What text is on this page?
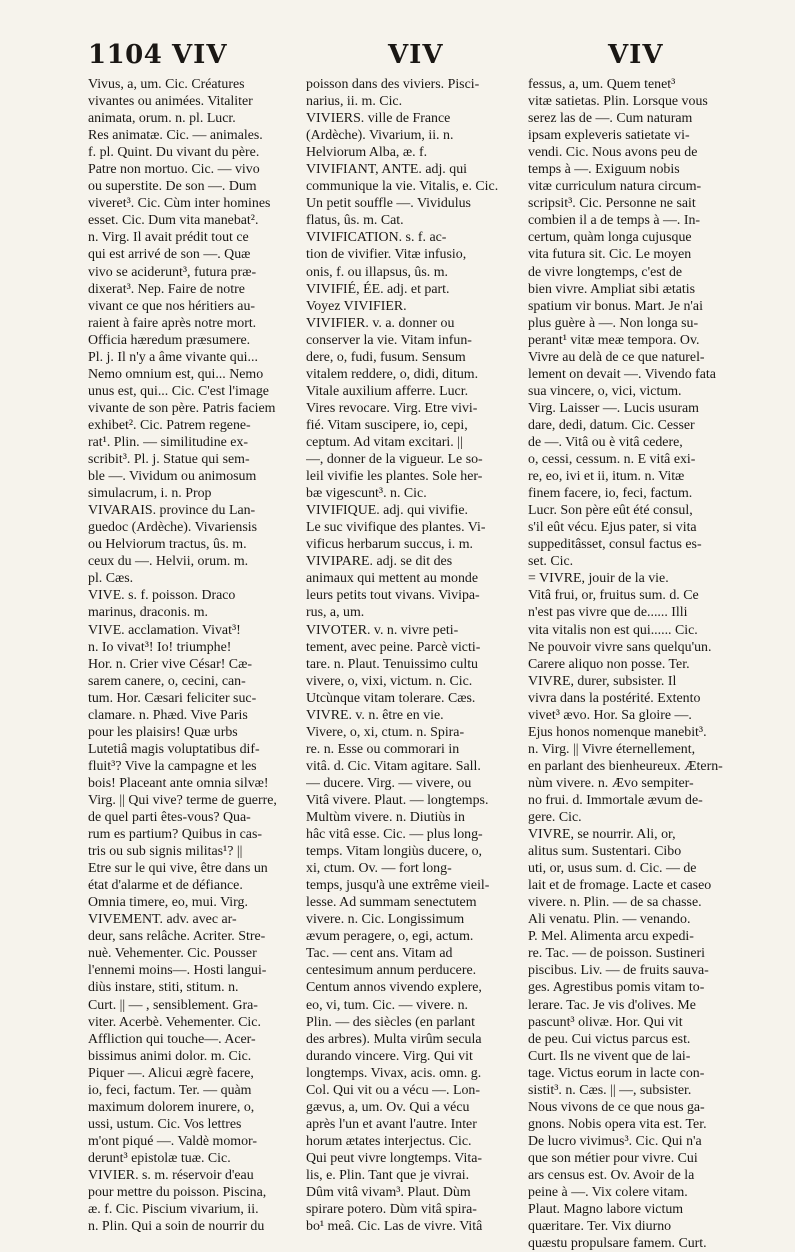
1104 VIV	VIV	VIV
Vivus, a, um. Cic. Créatures
vivantes ou animées. Vitaliter
animata, orum. n. pl. Lucr.
Res animatæ. Cic. — animales.
f. pl. Quint. Du vivant du père.
Patre non mortuo. Cic. — vivo
ou superstite. De son —. Dum
viveret³. Cic. Cùm inter homines
esset. Cic. Dum vita manebat².
n. Virg. Il avait prédit tout ce
qui est arrivé de son —. Quæ
vivo se aciderunt³, futura præ-
dixerat³. Nep. Faire de notre
vivant ce que nos héritiers au-
raient à faire après notre mort.
Officia hæredum præsumere.
Pl. j. Il n'y a âme vivante qui...
Nemo omnium est, qui... Nemo
unus est, qui... Cic. C'est l'image
vivante de son père. Patris faciem
exhibet². Cic. Patrem regene-
rat¹. Plin. — similitudine ex-
scribit³. Pl. j. Statue qui sem-
ble —. Vividum ou animosum
simulacrum, i. n. Prop
VIVARAIS. province du Lan-
guedoc (Ardèche). Vivariensis
ou Helviorum tractus, ûs. m.
ceux du —. Helvii, orum. m.
pl. Cæs.
VIVE. s. f. poisson. Draco
marinus, draconis. m.
VIVE. acclamation. Vivat³!
n. Io vivat³! Io! triumphe!
Hor. n. Crier vive César! Cæ-
sarem canere, o, cecini, can-
tum. Hor. Cæsari feliciter suc-
clamare. n. Phæd. Vive Paris
pour les plaisirs! Quæ urbs
Lutetiâ magis voluptatibus dif-
fluit³? Vive la campagne et les
bois! Placeant ante omnia silvæ!
Virg. || Qui vive? terme de guerre,
de quel parti êtes-vous? Qua-
rum es partium? Quibus in cas-
tris ou sub signis militas¹? ||
Etre sur le qui vive, être dans un
état d'alarme et de défiance.
Omnia timere, eo, mui. Virg.
VIVEMENT. adv. avec ar-
deur, sans relâche. Acriter. Stre-
nuè. Vehementer. Cic. Pousser
l'ennemi moins—. Hosti langui-
diùs instare, stiti, stitum. n.
Curt. || — , sensiblement. Gra-
viter. Acerbè. Vehementer. Cic.
Affliction qui touche—. Acer-
bissimus animi dolor. m. Cic.
Piquer —. Alicui ægrè facere,
io, feci, factum. Ter. — quàm
maximum dolorem inurere, o,
ussi, ustum. Cic. Vos lettres
m'ont piqué —. Valdè momor-
derunt³ epistolæ tuæ. Cic.
VIVIER. s. m. réservoir d'eau
pour mettre du poisson. Piscina,
æ. f. Cic. Piscium vivarium, ii.
n. Plin. Qui a soin de nourrir du
poisson dans des viviers. Pisci-
narius, ii. m. Cic.
VIVIERS. ville de France
(Ardèche). Vivarium, ii. n.
Helviorum Alba, æ. f.
VIVIFIANT, ANTE. adj. qui
communique la vie. Vitalis, e. Cic.
Un petit souffle —. Vividulus
flatus, ûs. m. Cat.
VIVIFICATION. s. f. ac-
tion de vivifier. Vitæ infusio,
onis, f. ou illapsus, ûs. m.
VIVIFIÉ, ÉE. adj. et part.
Voyez VIVIFIER.
VIVIFIER. v. a. donner ou
conserver la vie. Vitam infun-
dere, o, fudi, fusum. Sensum
vitalem reddere, o, didi, ditum.
Vitale auxilium afferre. Lucr.
Vires revocare. Virg. Etre vivi-
fié. Vitam suscipere, io, cepi,
ceptum. Ad vitam excitari. ||
—, donner de la vigueur. Le so-
leil vivifie les plantes. Sole her-
bæ vigescunt³. n. Cic.
VIVIFIQUE. adj. qui vivifie.
Le suc vivifique des plantes. Vi-
vificus herbarum succus, i. m.
VIVIPARE. adj. se dit des
animaux qui mettent au monde
leurs petits tout vivans. Vivipa-
rus, a, um.
VIVOTER. v. n. vivre peti-
tement, avec peine. Parcè victi-
tare. n. Plaut. Tenuissimo cultu
vivere, o, vixi, victum. n. Cic.
Utcùnque vitam tolerare. Cæs.
VIVRE. v. n. être en vie.
Vivere, o, xi, ctum. n. Spira-
re. n. Esse ou commorari in
vitâ. d. Cic. Vitam agitare. Sall.
— ducere. Virg. — vivere, ou
Vitâ vivere. Plaut. — longtemps.
Multùm vivere. n. Diutiùs in
hâc vitâ esse. Cic. — plus long-
temps. Vitam longiùs ducere, o,
xi, ctum. Ov. — fort long-
temps, jusqu'à une extrême vieil-
lesse. Ad summam senectutem
vivere. n. Cic. Longissimum
ævum peragere, o, egi, actum.
Tac. — cent ans. Vitam ad
centesimum annum perducere.
Centum annos vivendo explere,
eo, vi, tum. Cic. — vivere. n.
Plin. — des siècles (en parlant
des arbres). Multa virûm secula
durando vincere. Virg. Qui vit
longtemps. Vivax, acis. omn. g.
Col. Qui vit ou a vécu —. Lon-
gævus, a, um. Ov. Qui a vécu
après l'un et avant l'autre. Inter
horum ætates interjectus. Cic.
Qui peut vivre longtemps. Vita-
lis, e. Plin. Tant que je vivrai.
Dûm vitâ vivam³. Plaut. Dùm
spirare potero. Dùm vitâ spira-
bo¹ meâ. Cic. Las de vivre. Vitâ
fessus, a, um. Quem tenet³
vitæ satietas. Plin. Lorsque vous
serez las de —. Cum naturam
ipsam expleveris satietate vi-
vendi. Cic. Nous avons peu de
temps à —. Exiguum nobis
vitæ curriculum natura circum-
scripsit³. Cic. Personne ne sait
combien il a de temps à —. In-
certum, quàm longa cujusque
vita futura sit. Cic. Le moyen
de vivre longtemps, c'est de
bien vivre. Ampliat sibi ætatis
spatium vir bonus. Mart. Je n'ai
plus guère à —. Non longa su-
perant¹ vitæ meæ tempora. Ov.
Vivre au delà de ce que naturel-
lement on devait —. Vivendo fata
sua vincere, o, vici, victum.
Virg. Laisser —. Lucis usuram
dare, dedi, datum. Cic. Cesser
de —. Vitâ ou è vitâ cedere,
o, cessi, cessum. n. E vitâ exi-
re, eo, ivi et ii, itum. n. Vitæ
finem facere, io, feci, factum.
Lucr. Son père eût été consul,
s'il eût vécu. Ejus pater, si vita
suppeditâsset, consul factus es-
set. Cic.
= VIVRE, jouir de la vie.
Vitâ frui, or, fruitus sum. d. Ce
n'est pas vivre que de...... Illi
vita vitalis non est qui...... Cic.
Ne pouvoir vivre sans quelqu'un.
Carere aliquo non posse. Ter.
VIVRE, durer, subsister. Il
vivra dans la postérité. Extento
vivet³ ævo. Hor. Sa gloire —.
Ejus honos nomenque manebit³.
n. Virg. || Vivre éternellement,
en parlant des bienheureux. Ætern-
nùm vivere. n. Ævo sempiter-
no frui. d. Immortale ævum de-
gere. Cic.
VIVRE, se nourrir. Ali, or,
alitus sum. Sustentari. Cibo
uti, or, usus sum. d. Cic. — de
lait et de fromage. Lacte et caseo
vivere. n. Plin. — de sa chasse.
Ali venatu. Plin. — venando.
P. Mel. Alimenta arcu expedi-
re. Tac. — de poisson. Sustineri
piscibus. Liv. — de fruits sauva-
ges. Agrestibus pomis vitam to-
lerare. Tac. Je vis d'olives. Me
pascunt³ olivæ. Hor. Qui vit
de peu. Cui victus parcus est.
Curt. Ils ne vivent que de lai-
tage. Victus eorum in lacte con-
sistit³. n. Cæs. || —, subsister.
Nous vivons de ce que nous ga-
gnons. Nobis opera vita est. Ter.
De lucro vivimus³. Cic. Qui n'a
que son métier pour vivre. Cui
ars census est. Ov. Avoir de la
peine à —. Vix colere vitam.
Plaut. Magno labore victum
quæritare. Ter. Vix diurno
quæstu propulsare famem. Curt.
